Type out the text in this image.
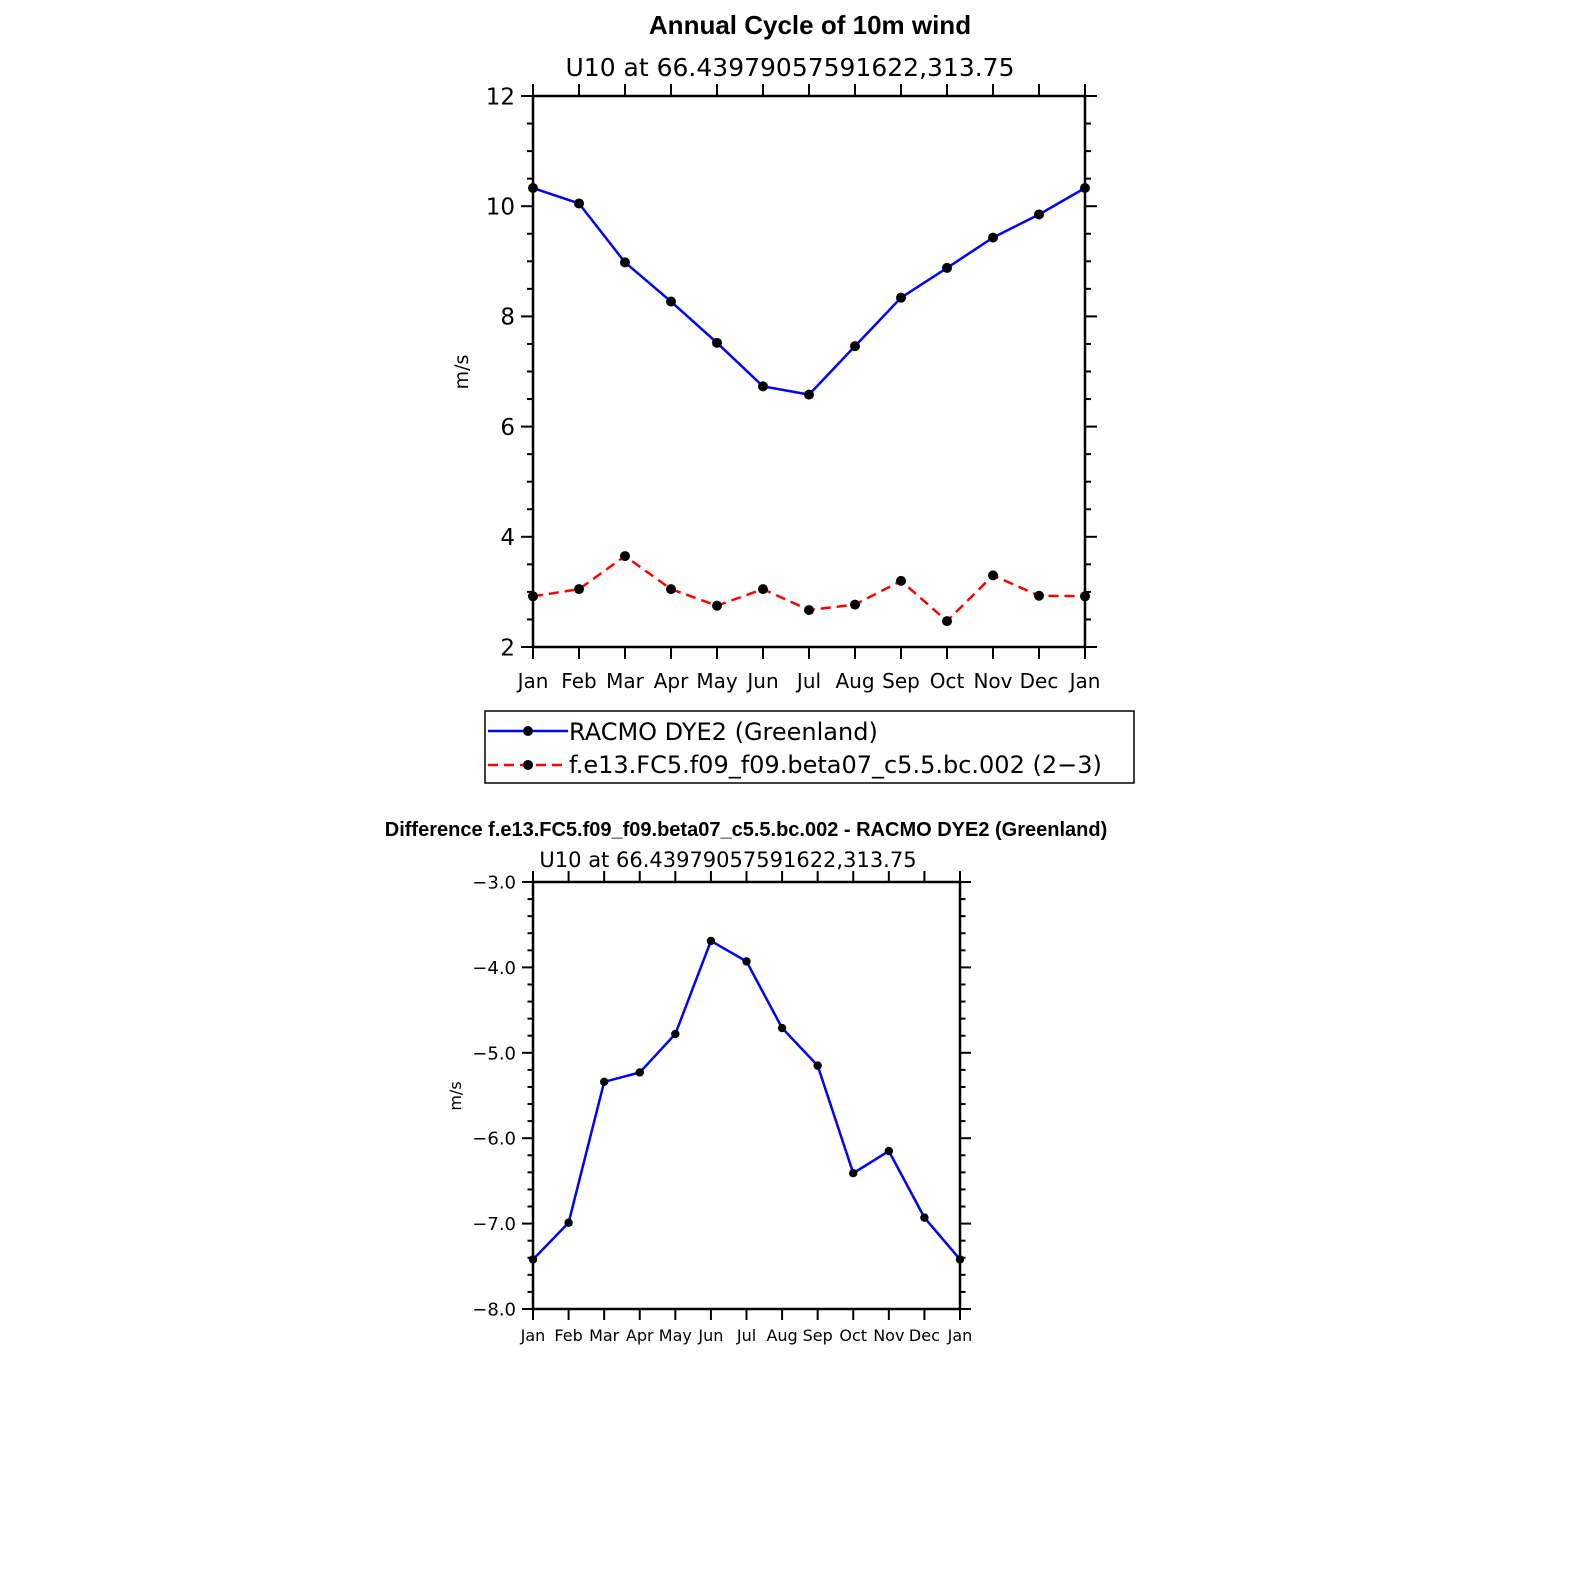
Annual Cycle of 10m wind
U10 at 66.43979057591622,313.75
m/s
Jan Feb Mar Apr May Jun Jul Aug Sep Oct Nov Dec Jan
2
4
6
8
10
12
RACMO DYE2 (Greenland)
f.e13.FC5.f09_f09.beta07_c5.5.bc.002 (2−3)
Difference f.e13.FC5.f09_f09.beta07_c5.5.bc.002 - RACMO DYE2 (Greenland)
U10 at 66.43979057591622,313.75
m/s
Jan Feb Mar Apr May Jun Jul Aug Sep Oct Nov Dec Jan
−8.0
−7.0
−6.0
−5.0
−4.0
−3.0
